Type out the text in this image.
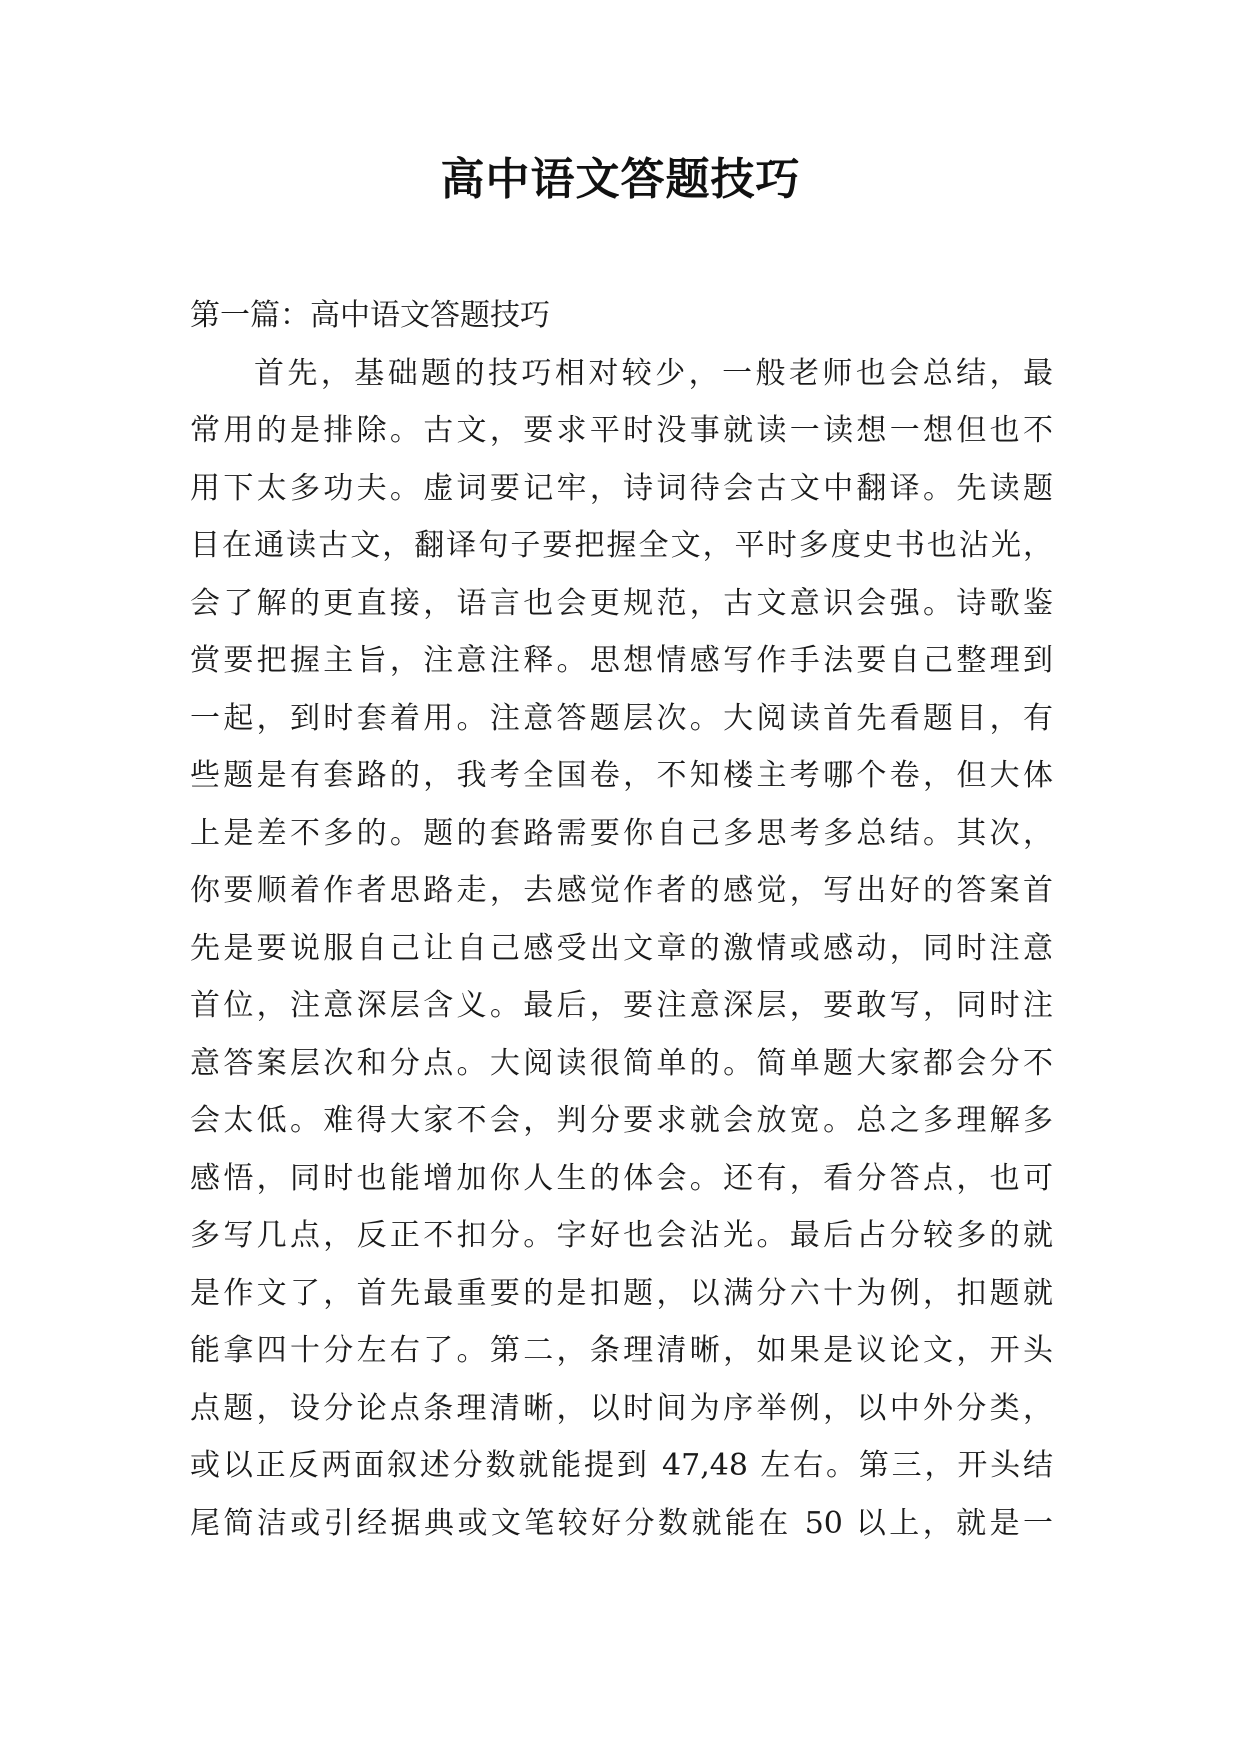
高中语文答题技巧
第一篇：高中语文答题技巧
首先，基础题的技巧相对较少，一般老师也会总结，最
常用的是排除。古文，要求平时没事就读一读想一想但也不
用下太多功夫。虚词要记牢，诗词待会古文中翻译。先读题
目在通读古文，翻译句子要把握全文，平时多度史书也沾光，
会了解的更直接，语言也会更规范，古文意识会强。诗歌鉴
赏要把握主旨，注意注释。思想情感写作手法要自己整理到
一起，到时套着用。注意答题层次。大阅读首先看题目，有
些题是有套路的，我考全国卷，不知楼主考哪个卷，但大体
上是差不多的。题的套路需要你自己多思考多总结。其次，
你要顺着作者思路走，去感觉作者的感觉，写出好的答案首
先是要说服自己让自己感受出文章的激情或感动，同时注意
首位，注意深层含义。最后，要注意深层，要敢写，同时注
意答案层次和分点。大阅读很简单的。简单题大家都会分不
会太低。难得大家不会，判分要求就会放宽。总之多理解多
感悟，同时也能增加你人生的体会。还有，看分答点，也可
多写几点，反正不扣分。字好也会沾光。最后占分较多的就
是作文了，首先最重要的是扣题，以满分六十为例，扣题就
能拿四十分左右了。第二，条理清晰，如果是议论文，开头
点题，设分论点条理清晰，以时间为序举例，以中外分类，
或以正反两面叙述分数就能提到 47,48 左右。第三，开头结
尾简洁或引经据典或文笔较好分数就能在 50 以上，就是一
